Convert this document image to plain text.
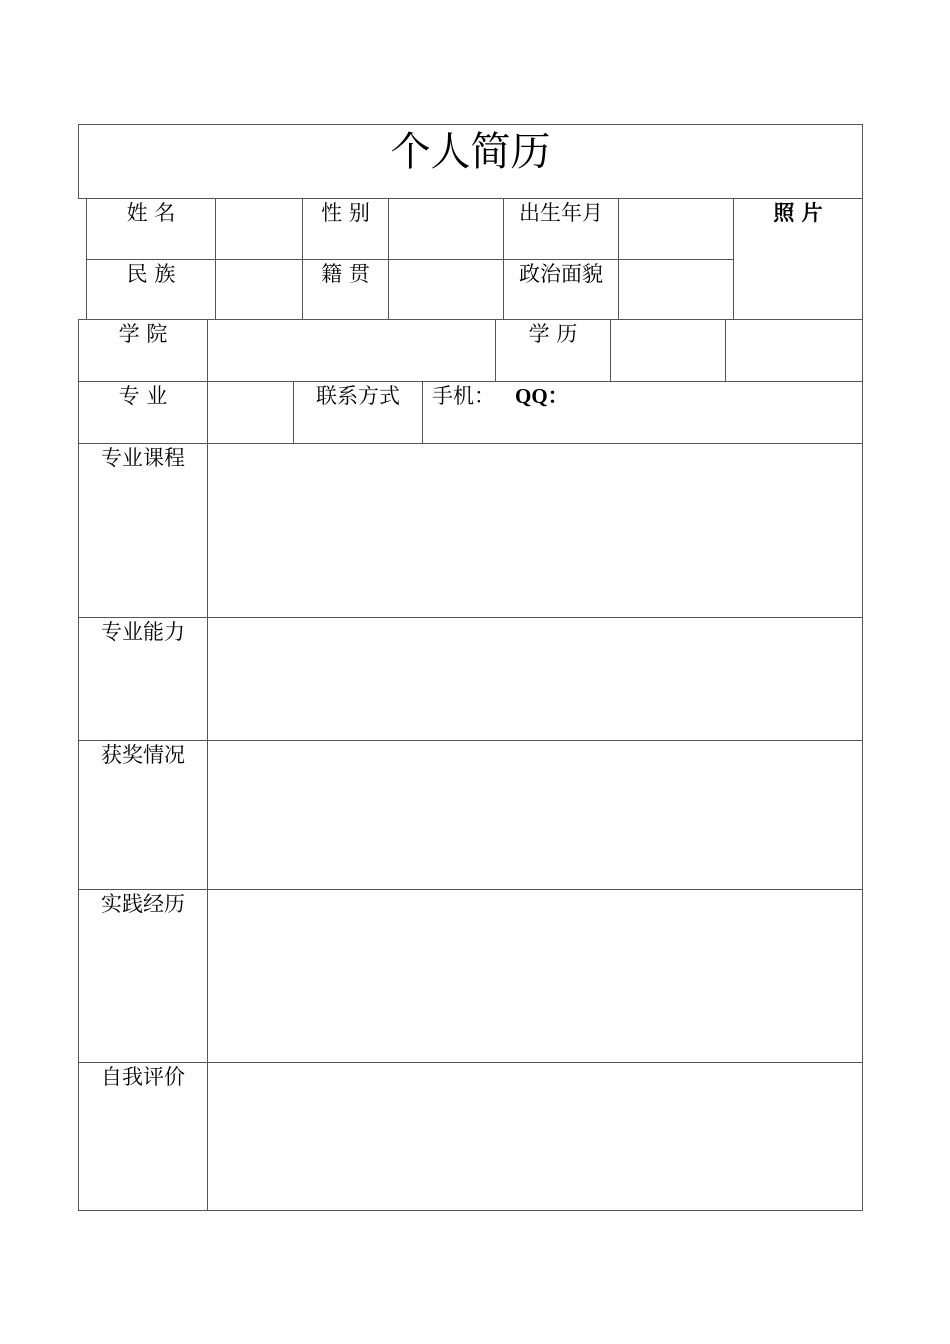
个人简历
姓 名	性 别	出生年月	照 片
民 族	籍 贯	政治面貌
学 院	学 历
专 业	联系方式	手机： QQ：
专业课程
专业能力
获奖情况
实践经历
自我评价
